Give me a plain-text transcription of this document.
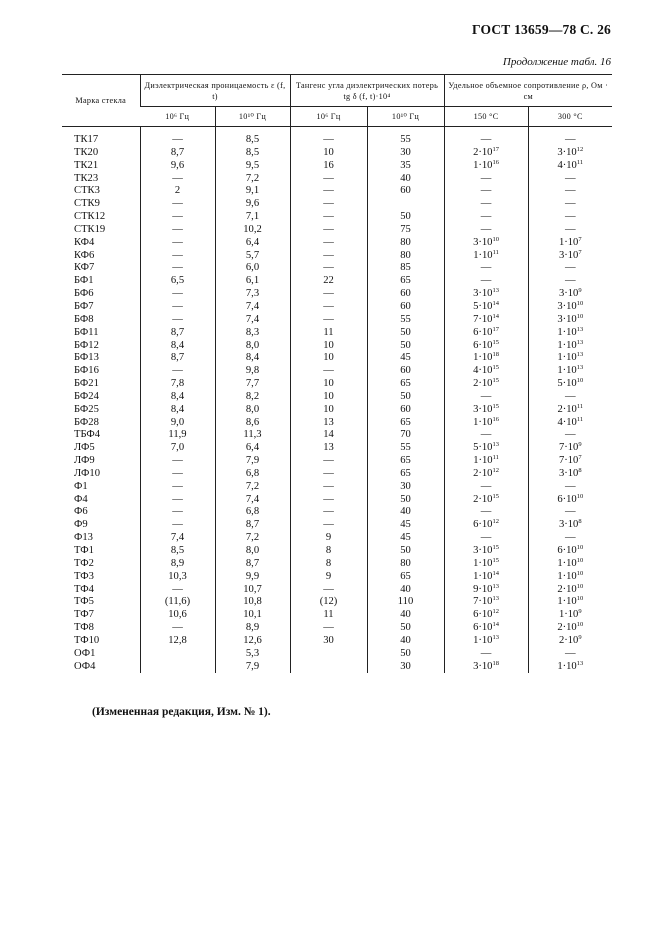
ГОСТ 13659—78 С. 26
Продолжение табл. 16
Марка стекла	Диэлектрическая проницаемость ε (f, t)		Тангенс угла диэлектрических потерь tg δ (f, t)·10⁴		Удельное объемное сопротивление ρ, Ом · см	
	10⁶ Гц	10¹⁰ Гц	10⁶ Гц	10¹⁰ Гц	150 °С	300 °С

ТК17	—	8,5	—	55	—	—
ТК20	8,7	8,5	10	30	$2\cdot 10^{17}$	$3\cdot 10^{12}$
ТК21	9,6	9,5	16	35	$1\cdot 10^{16}$	$4\cdot 10^{11}$
ТК23	—	7,2	—	40	—	—
СТК3	2	9,1	—	60	—	—
СТК9	—	9,6	—		—	—
СТК12	—	7,1	—	50	—	—
СТК19	—	10,2	—	75	—	—
КФ4	—	6,4	—	80	$3\cdot 10^{10}$	$1\cdot 10^7$
КФ6	—	5,7	—	80	$1\cdot 10^{11}$	$3\cdot 10^7$
КФ7	—	6,0	—	85	—	—
БФ1	6,5	6,1	22	65	—	—
БФ6	—	7,3	—	60	$3\cdot 10^{13}$	$3\cdot 10^9$
БФ7	—	7,4	—	60	$5\cdot 10^{14}$	$3\cdot 10^{10}$
БФ8	—	7,4	—	55	$7\cdot 10^{14}$	$3\cdot 10^{10}$
БФ11	8,7	8,3	11	50	$6\cdot 10^{17}$	$1\cdot 10^{13}$
БФ12	8,4	8,0	10	50	$6\cdot 10^{15}$	$1\cdot 10^{13}$
БФ13	8,7	8,4	10	45	$1\cdot 10^{18}$	$1\cdot 10^{13}$
БФ16	—	9,8	—	60	$4\cdot 10^{15}$	$1\cdot 10^{13}$
БФ21	7,8	7,7	10	65	$2\cdot 10^{15}$	$5\cdot 10^{10}$
БФ24	8,4	8,2	10	50	—	—
БФ25	8,4	8,0	10	60	$3\cdot 10^{15}$	$2\cdot 10^{11}$
БФ28	9,0	8,6	13	65	$1\cdot 10^{16}$	$4\cdot 10^{11}$
ТБФ4	11,9	11,3	14	70	—	—
ЛФ5	7,0	6,4	13	55	$5\cdot 10^{13}$	$7\cdot 10^9$
ЛФ9	—	7,9	—	65	$1\cdot 10^{11}$	$7\cdot 10^7$
ЛФ10	—	6,8	—	65	$2\cdot 10^{12}$	$3\cdot 10^8$
Ф1	—	7,2	—	30	—	—
Ф4	—	7,4	—	50	$2\cdot 10^{15}$	$6\cdot 10^{10}$
Ф6	—	6,8	—	40	—	—
Ф9	—	8,7	—	45	$6\cdot 10^{12}$	$3\cdot 10^8$
Ф13	7,4	7,2	9	45	—	—
ТФ1	8,5	8,0	8	50	$3\cdot 10^{15}$	$6\cdot 10^{10}$
ТФ2	8,9	8,7	8	80	$1\cdot 10^{15}$	$1\cdot 10^{10}$
ТФ3	10,3	9,9	9	65	$1\cdot 10^{14}$	$1\cdot 10^{10}$
ТФ4	—	10,7	—	40	$9\cdot 10^{13}$	$2\cdot 10^{10}$
ТФ5	(11,6)	10,8	(12)	110	$7\cdot 10^{13}$	$1\cdot 10^{10}$
ТФ7	10,6	10,1	11	40	$6\cdot 10^{12}$	$1\cdot 10^9$
ТФ8	—	8,9	—	50	$6\cdot 10^{14}$	$2\cdot 10^{10}$
ТФ10	12,8	12,6	30	40	$1\cdot 10^{13}$	$2\cdot 10^9$
ОФ1		5,3		50	—	—
ОФ4		7,9		30	$3\cdot 10^{18}$	$1\cdot 10^{13}$
(Измененная редакция, Изм. № 1).
